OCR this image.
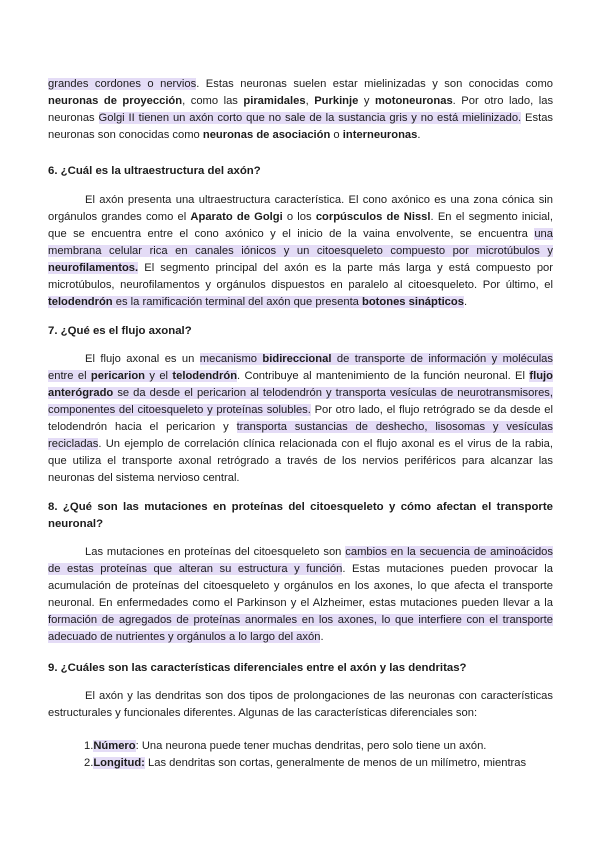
grandes cordones o nervios. Estas neuronas suelen estar mielinizadas y son conocidas como neuronas de proyección, como las piramidales, Purkinje y motoneuronas. Por otro lado, las neuronas Golgi II tienen un axón corto que no sale de la sustancia gris y no está mielinizado. Estas neuronas son conocidas como neuronas de asociación o interneuronas.

6. ¿Cuál es la ultraestructura del axón?

El axón presenta una ultraestructura característica. El cono axónico es una zona cónica sin orgánulos grandes como el Aparato de Golgi o los corpúsculos de Nissl. En el segmento inicial, que se encuentra entre el cono axónico y el inicio de la vaina envolvente, se encuentra una membrana celular rica en canales iónicos y un citoesqueleto compuesto por microtúbulos y neurofilamentos. El segmento principal del axón es la parte más larga y está compuesto por microtúbulos, neurofilamentos y orgánulos dispuestos en paralelo al citoesqueleto. Por último, el telodendrón es la ramificación terminal del axón que presenta botones sinápticos.

7. ¿Qué es el flujo axonal?

El flujo axonal es un mecanismo bidireccional de transporte de información y moléculas entre el pericarion y el telodendrón. Contribuye al mantenimiento de la función neuronal. El flujo anterógrado se da desde el pericarion al telodendrón y transporta vesículas de neurotransmisores, componentes del citoesqueleto y proteínas solubles. Por otro lado, el flujo retrógrado se da desde el telodendrón hacia el pericarion y transporta sustancias de deshecho, lisosomas y vesículas recicladas. Un ejemplo de correlación clínica relacionada con el flujo axonal es el virus de la rabia, que utiliza el transporte axonal retrógrado a través de los nervios periféricos para alcanzar las neuronas del sistema nervioso central.

8. ¿Qué son las mutaciones en proteínas del citoesqueleto y cómo afectan el transporte neuronal?

Las mutaciones en proteínas del citoesqueleto son cambios en la secuencia de aminoácidos de estas proteínas que alteran su estructura y función. Estas mutaciones pueden provocar la acumulación de proteínas del citoesqueleto y orgánulos en los axones, lo que afecta el transporte neuronal. En enfermedades como el Parkinson y el Alzheimer, estas mutaciones pueden llevar a la formación de agregados de proteínas anormales en los axones, lo que interfiere con el transporte adecuado de nutrientes y orgánulos a lo largo del axón.

9. ¿Cuáles son las características diferenciales entre el axón y las dendritas?

El axón y las dendritas son dos tipos de prolongaciones de las neuronas con características estructurales y funcionales diferentes. Algunas de las características diferenciales son:

1.Número: Una neurona puede tener muchas dendritas, pero solo tiene un axón.
2.Longitud: Las dendritas son cortas, generalmente de menos de un milímetro, mientras
